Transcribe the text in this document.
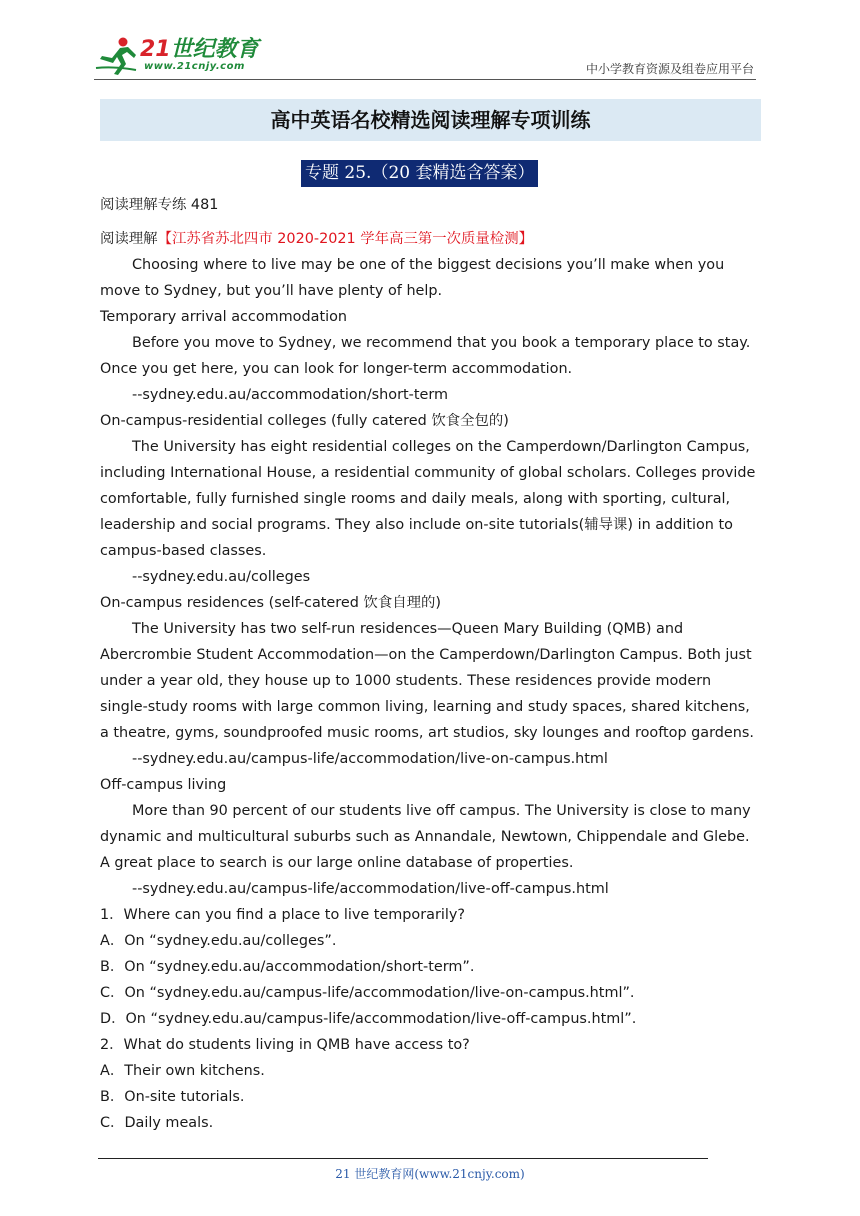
21世纪教育
www.21cnjy.com	中小学教育资源及组卷应用平台
高中英语名校精选阅读理解专项训练
专题 25.（20 套精选含答案）

阅读理解专练 481

阅读理解【江苏省苏北四市 2020-2021 学年高三第一次质量检测】

Choosing where to live may be one of the biggest decisions you’ll make when you move to Sydney, but you’ll have plenty of help.

Temporary arrival accommodation

Before you move to Sydney, we recommend that you book a temporary place to stay. Once you get here, you can look for longer-term accommodation.

--sydney.edu.au/accommodation/short-term

On-campus-residential colleges (fully catered 饮食全包的)

The University has eight residential colleges on the Camperdown/Darlington Campus, including International House, a residential community of global scholars. Colleges provide comfortable, fully furnished single rooms and daily meals, along with sporting, cultural, leadership and social programs. They also include on-site tutorials(辅导课) in addition to campus-based classes.

--sydney.edu.au/colleges

On-campus residences (self-catered 饮食自理的)

The University has two self-run residences—Queen Mary Building (QMB) and Abercrombie Student Accommodation—on the Camperdown/Darlington Campus. Both just under a year old, they house up to 1000 students. These residences provide modern single-study rooms with large common living, learning and study spaces, shared kitchens, a theatre, gyms, soundproofed music rooms, art studios, sky lounges and rooftop gardens.

--sydney.edu.au/campus-life/accommodation/live-on-campus.html

Off-campus living

More than 90 percent of our students live off campus. The University is close to many dynamic and multicultural suburbs such as Annandale, Newtown, Chippendale and Glebe. A great place to search is our large online database of properties.

--sydney.edu.au/campus-life/accommodation/live-off-campus.html

1．Where can you find a place to live temporarily?

A．On “sydney.edu.au/colleges”.

B．On “sydney.edu.au/accommodation/short-term”.

C．On “sydney.edu.au/campus-life/accommodation/live-on-campus.html”.

D．On “sydney.edu.au/campus-life/accommodation/live-off-campus.html”.

2．What do students living in QMB have access to?

A．Their own kitchens.

B．On-site tutorials.

C．Daily meals.

21 世纪教育网(www.21cnjy.com)
